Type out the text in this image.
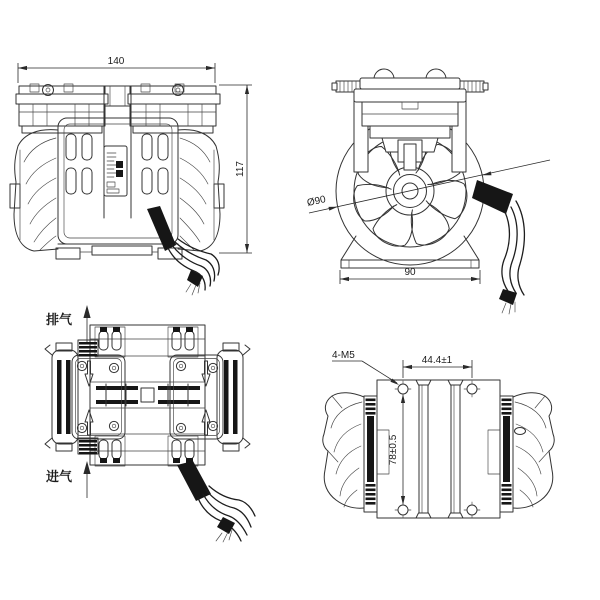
140
117
Ø90
90
排气
进气
44.4±1
78±0.5
4-M5
